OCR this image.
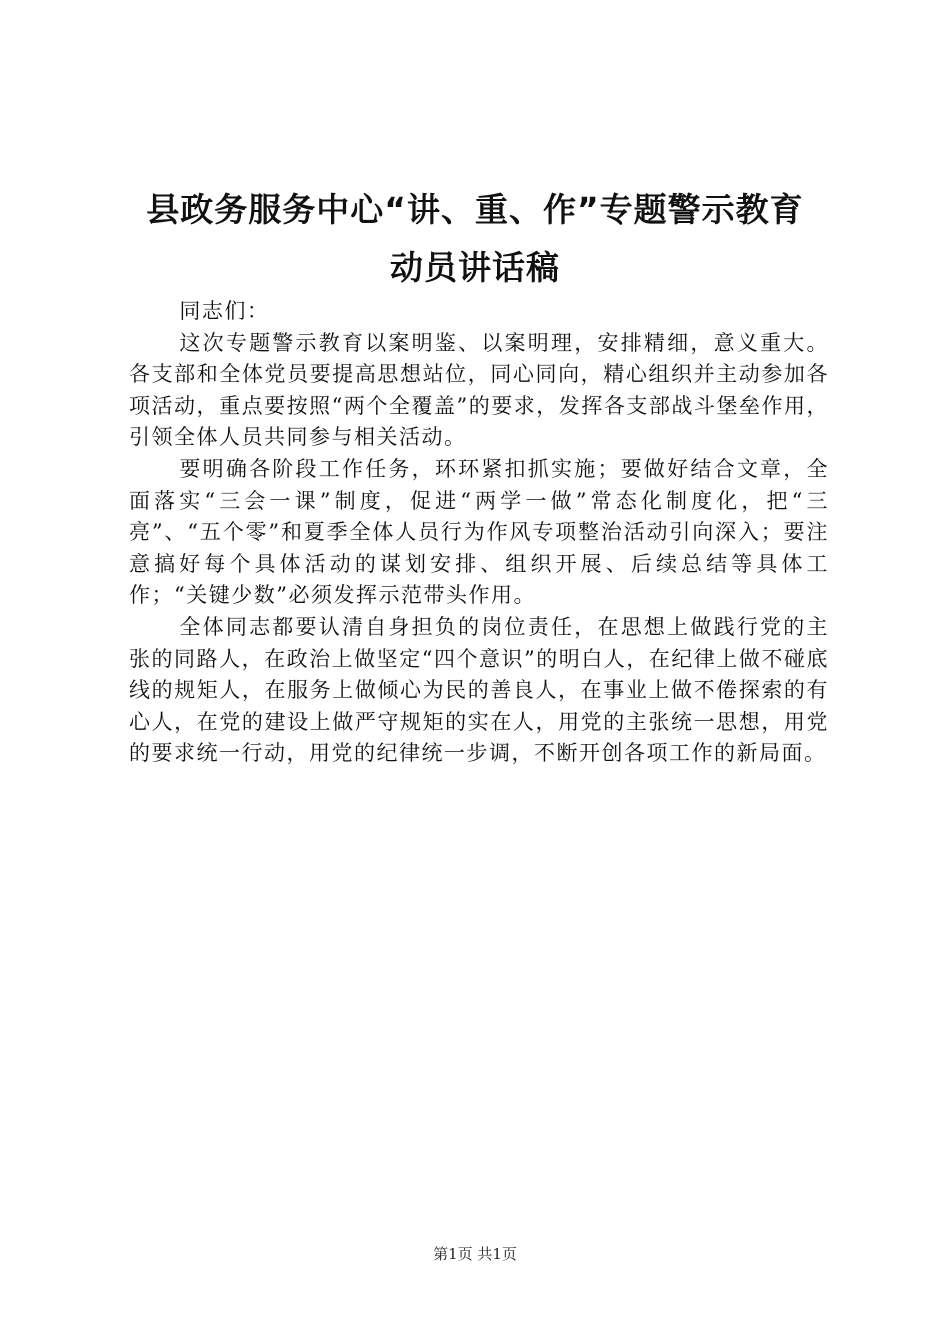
县政务服务中心“讲、重、作”专题警示教育
动员讲话稿

同志们：

这次专题警示教育以案明鉴、以案明理，安排精细，意义重大。各支部和全体党员要提高思想站位，同心同向，精心组织并主动参加各项活动，重点要按照“两个全覆盖”的要求，发挥各支部战斗堡垒作用，引领全体人员共同参与相关活动。

要明确各阶段工作任务，环环紧扣抓实施；要做好结合文章，全面落实“三会一课”制度，促进“两学一做”常态化制度化，把“三亮”、“五个零”和夏季全体人员行为作风专项整治活动引向深入；要注意搞好每个具体活动的谋划安排、组织开展、后续总结等具体工作；“关键少数”必须发挥示范带头作用。

全体同志都要认清自身担负的岗位责任，在思想上做践行党的主张的同路人，在政治上做坚定“四个意识”的明白人，在纪律上做不碰底线的规矩人，在服务上做倾心为民的善良人，在事业上做不倦探索的有心人，在党的建设上做严守规矩的实在人，用党的主张统一思想，用党的要求统一行动，用党的纪律统一步调，不断开创各项工作的新局面。

第1页 共1页
